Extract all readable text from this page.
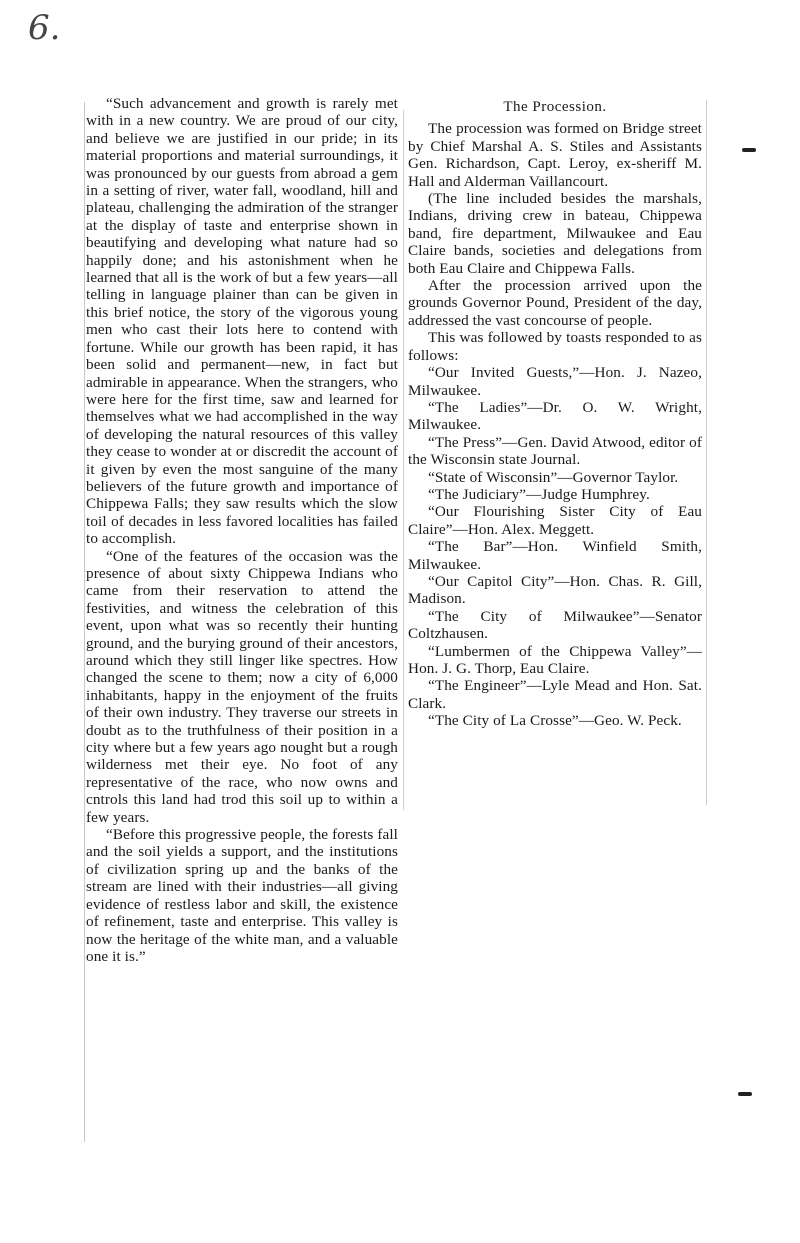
6.

“Such advancement and growth is rarely met with in a new country. We are proud of our city, and believe we are justified in our pride; in its material proportions and material surroundings, it was pronounced by our guests from abroad a gem in a setting of river, water fall, woodland, hill and plateau, challenging the admiration of the stranger at the display of taste and enterprise shown in beautifying and developing what nature had so happily done; and his astonishment when he learned that all is the work of but a few years—all telling in language plainer than can be given in this brief notice, the story of the vigorous young men who cast their lots here to contend with fortune. While our growth has been rapid, it has been solid and permanent—new, in fact but admirable in appearance. When the strangers, who were here for the first time, saw and learned for themselves what we had accomplished in the way of developing the natural resources of this valley they cease to wonder at or discredit the account of it given by even the most sanguine of the many believers of the future growth and importance of Chippewa Falls; they saw results which the slow toil of decades in less favored localities has failed to accomplish.

“One of the features of the occasion was the presence of about sixty Chippewa Indians who came from their reservation to attend the festivities, and witness the celebration of this event, upon what was so recently their hunting ground, and the burying ground of their ancestors, around which they still linger like spectres. How changed the scene to them; now a city of 6,000 inhabitants, happy in the enjoyment of the fruits of their own industry. They traverse our streets in doubt as to the truthfulness of their position in a city where but a few years ago nought but a rough wilderness met their eye. No foot of any representative of the race, who now owns and cntrols this land had trod this soil up to within a few years.

“Before this progressive people, the forests fall and the soil yields a support, and the institutions of civilization spring up and the banks of the stream are lined with their industries—all giving evidence of restless labor and skill, the existence of refinement, taste and enterprise. This valley is now the heritage of the white man, and a valuable one it is.”

The Procession.

The procession was formed on Bridge street by Chief Marshal A. S. Stiles and Assistants Gen. Richardson, Capt. Leroy, ex-sheriff M. Hall and Alderman Vaillancourt.

(The line included besides the marshals, Indians, driving crew in bateau, Chippewa band, fire department, Milwaukee and Eau Claire bands, societies and delegations from both Eau Claire and Chippewa Falls.

After the procession arrived upon the grounds Governor Pound, President of the day, addressed the vast concourse of people.

This was followed by toasts responded to as follows:

“Our Invited Guests,”—Hon. J. Nazeo, Milwaukee.

“The Ladies”—Dr. O. W. Wright, Milwaukee.

“The Press”—Gen. David Atwood, editor of the Wisconsin state Journal.

“State of Wisconsin”—Governor Taylor.

“The Judiciary”—Judge Humphrey.

“Our Flourishing Sister City of Eau Claire”—Hon. Alex. Meggett.

“The Bar”—Hon. Winfield Smith, Milwaukee.

“Our Capitol City”—Hon. Chas. R. Gill, Madison.

“The City of Milwaukee”—Senator Coltzhausen.

“Lumbermen of the Chippewa Valley”—Hon. J. G. Thorp, Eau Claire.

“The Engineer”—Lyle Mead and Hon. Sat. Clark.

“The City of La Crosse”—Geo. W. Peck.
